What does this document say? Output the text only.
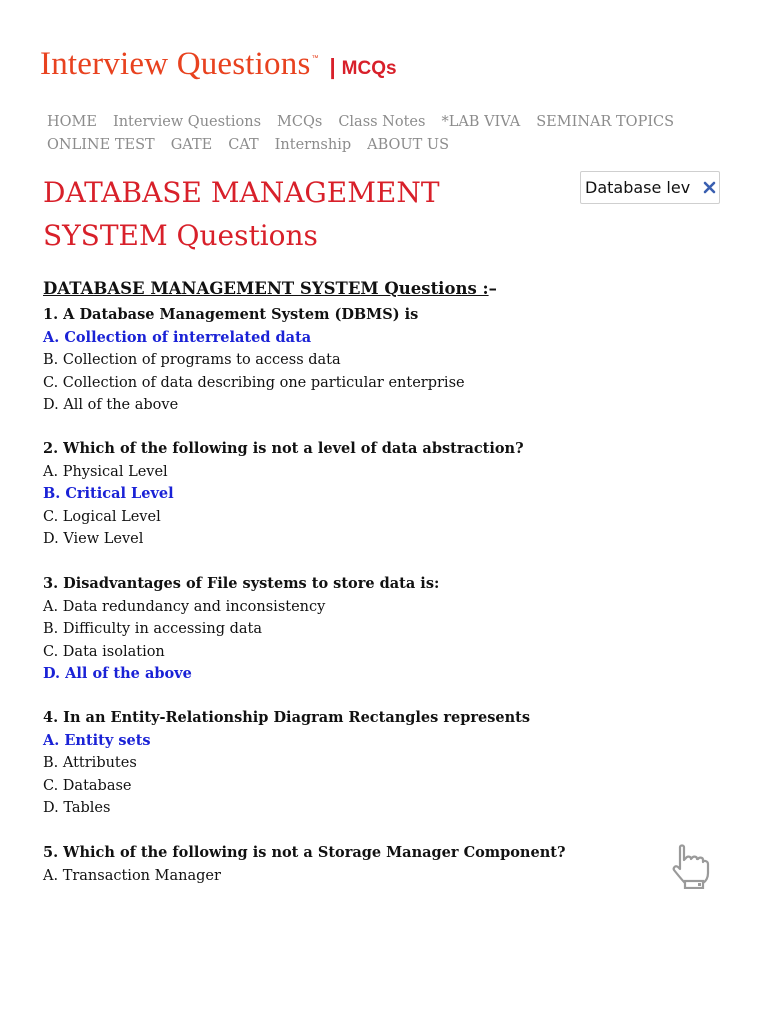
Interview Questions ™ | MCQs
HOME Interview Questions MCQs Class Notes *LAB VIVA SEMINAR TOPICS
ONLINE TEST GATE CAT Internship ABOUT US
DATABASE MANAGEMENT SYSTEM Questions
Database lev
DATABASE MANAGEMENT SYSTEM Questions :–
1. A Database Management System (DBMS) is
A. Collection of interrelated data
B. Collection of programs to access data
C. Collection of data describing one particular enterprise
D. All of the above
2. Which of the following is not a level of data abstraction?
A. Physical Level
B. Critical Level
C. Logical Level
D. View Level
3. Disadvantages of File systems to store data is:
A. Data redundancy and inconsistency
B. Difficulty in accessing data
C. Data isolation
D. All of the above
4. In an Entity-Relationship Diagram Rectangles represents
A. Entity sets
B. Attributes
C. Database
D. Tables
5. Which of the following is not a Storage Manager Component?
A. Transaction Manager
